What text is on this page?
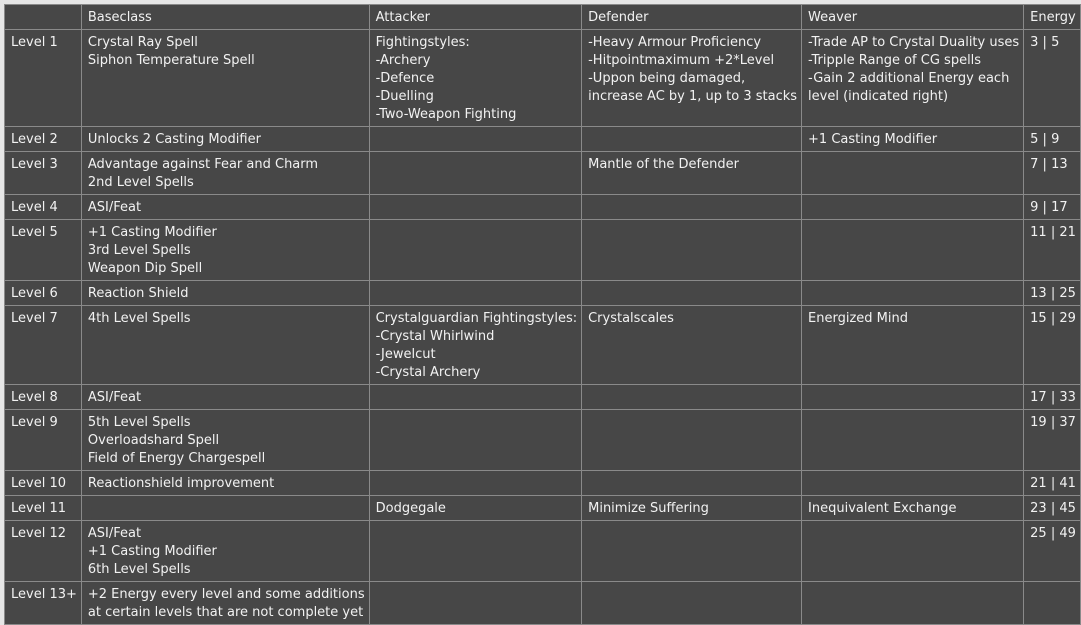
	Baseclass	Attacker	Defender	Weaver	Energy
Level 1	Crystal Ray Spell
Siphon Temperature Spell	Fightingstyles:
-Archery
-Defence
-Duelling
-Two-Weapon Fighting	-Heavy Armour Proficiency
-Hitpointmaximum +2*Level
-Uppon being damaged,
increase AC by 1, up to 3 stacks	-Trade AP to Crystal Duality uses
-Tripple Range of CG spells
-Gain 2 additional Energy each
level (indicated right)	3 | 5
Level 2	Unlocks 2 Casting Modifier			+1 Casting Modifier	5 | 9
Level 3	Advantage against Fear and Charm
2nd Level Spells		Mantle of the Defender		7 | 13
Level 4	ASI/Feat				9 | 17
Level 5	+1 Casting Modifier
3rd Level Spells
Weapon Dip Spell				11 | 21
Level 6	Reaction Shield				13 | 25
Level 7	4th Level Spells	Crystalguardian Fightingstyles:
-Crystal Whirlwind
-Jewelcut
-Crystal Archery	Crystalscales	Energized Mind	15 | 29
Level 8	ASI/Feat				17 | 33
Level 9	5th Level Spells
Overloadshard Spell
Field of Energy Chargespell				19 | 37
Level 10	Reactionshield improvement				21 | 41
Level 11		Dodgegale	Minimize Suffering	Inequivalent Exchange	23 | 45
Level 12	ASI/Feat
+1 Casting Modifier
6th Level Spells				25 | 49
Level 13+	+2 Energy every level and some additions
at certain levels that are not complete yet				
